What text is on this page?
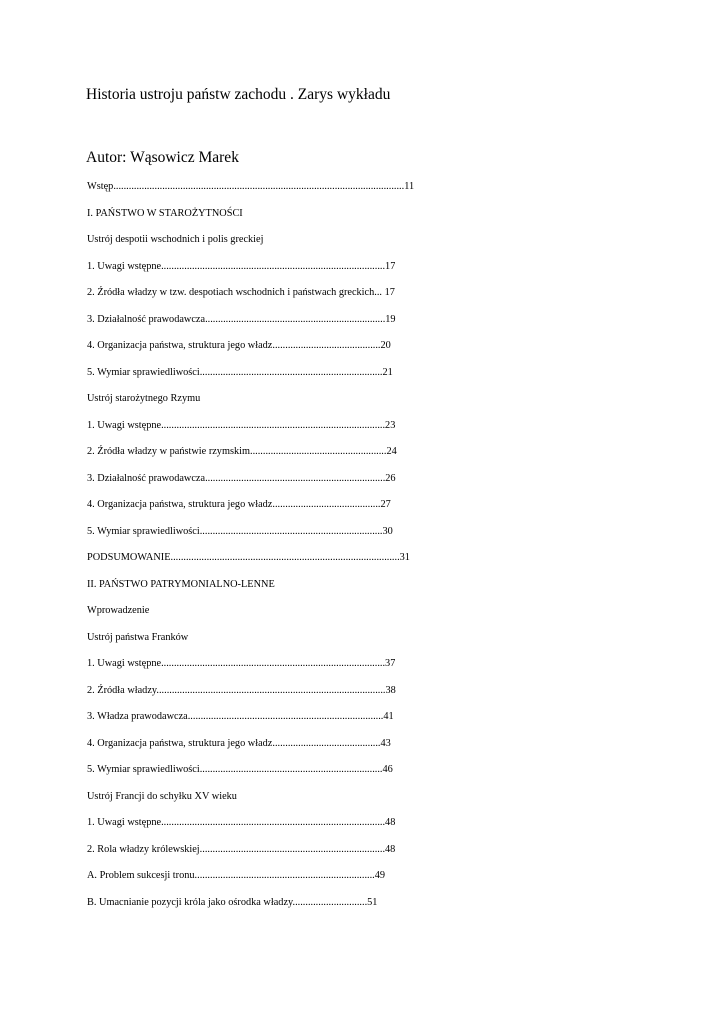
Historia ustroju państw zachodu . Zarys wykładu
Autor: Wąsowicz Marek
Wstęp.................................................................................................................11
I. PAŃSTWO W STAROŻYTNOŚCI
Ustrój despotii wschodnich i polis greckiej
1. Uwagi wstępne.......................................................................................17
2. Źródła władzy w tzw. despotiach wschodnich i państwach greckich... 17
3. Działalność prawodawcza......................................................................19
4. Organizacja państwa, struktura jego władz..........................................20
5. Wymiar sprawiedliwości.......................................................................21
Ustrój starożytnego Rzymu
1. Uwagi wstępne.......................................................................................23
2. Źródła władzy w państwie rzymskim.....................................................24
3. Działalność prawodawcza......................................................................26
4. Organizacja państwa, struktura jego władz..........................................27
5. Wymiar sprawiedliwości.......................................................................30
PODSUMOWANIE.........................................................................................31
II. PAŃSTWO PATRYMONIALNO-LENNE
Wprowadzenie
Ustrój państwa Franków
1. Uwagi wstępne.......................................................................................37
2. Źródła władzy.........................................................................................38
3. Władza prawodawcza............................................................................41
4. Organizacja państwa, struktura jego władz..........................................43
5. Wymiar sprawiedliwości.......................................................................46
Ustrój Francji do schyłku XV wieku
1. Uwagi wstępne.......................................................................................48
2. Rola władzy królewskiej........................................................................48
A. Problem sukcesji tronu......................................................................49
B. Umacnianie pozycji króla jako ośrodka władzy.............................51
